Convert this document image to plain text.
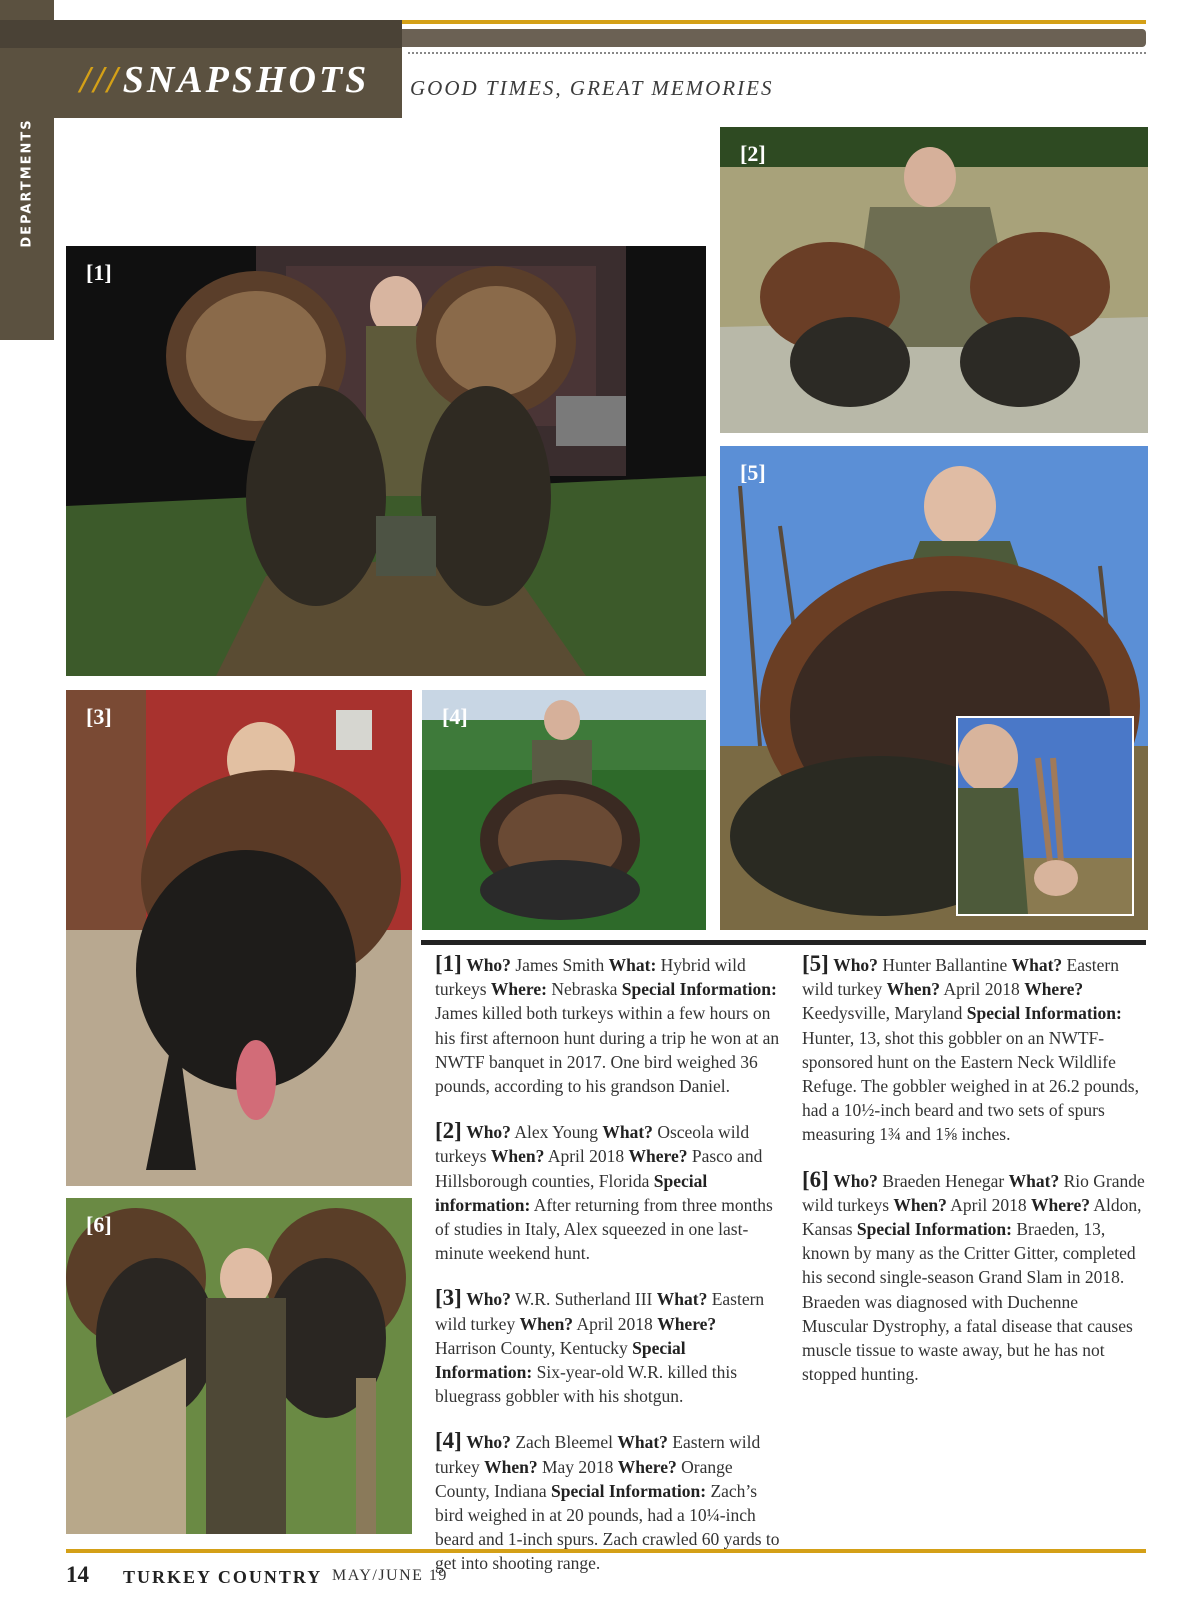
DEPARTMENTS
///SNAPSHOTS GOOD TIMES, GREAT MEMORIES
[1]
[2]
[5]
[3]	[4]
[6]

[1] Who? James Smith What: Hybrid wild turkeys Where: Nebraska Special Information: James killed both turkeys within a few hours on his first afternoon hunt during a trip he won at an NWTF banquet in 2017. One bird weighed 36 pounds, according to his grandson Daniel.

[2] Who? Alex Young What? Osceola wild turkeys When? April 2018 Where? Pasco and Hillsborough counties, Florida Special information: After returning from three months of studies in Italy, Alex squeezed in one last-minute weekend hunt.

[3] Who? W.R. Sutherland III What? Eastern wild turkey When? April 2018 Where? Harrison County, Kentucky Special Information: Six-year-old W.R. killed this bluegrass gobbler with his shotgun.

[4] Who? Zach Bleemel What? Eastern wild turkey When? May 2018 Where? Orange County, Indiana Special Information: Zach’s bird weighed in at 20 pounds, had a 10¼-inch beard and 1-inch spurs. Zach crawled 60 yards to get into shooting range.

[5] Who? Hunter Ballantine What? Eastern wild turkey When? April 2018 Where? Keedysville, Maryland Special Information: Hunter, 13, shot this gobbler on an NWTF-sponsored hunt on the Eastern Neck Wildlife Refuge. The gobbler weighed in at 26.2 pounds, had a 10½-inch beard and two sets of spurs measuring 1¾ and 1⅝ inches.

[6] Who? Braeden Henegar What? Rio Grande wild turkeys When? April 2018 Where? Aldon, Kansas Special Information: Braeden, 13, known by many as the Critter Gitter, completed his second single-season Grand Slam in 2018. Braeden was diagnosed with Duchenne Muscular Dystrophy, a fatal disease that causes muscle tissue to waste away, but he has not stopped hunting.

14 TURKEY COUNTRY MAY/JUNE 19
